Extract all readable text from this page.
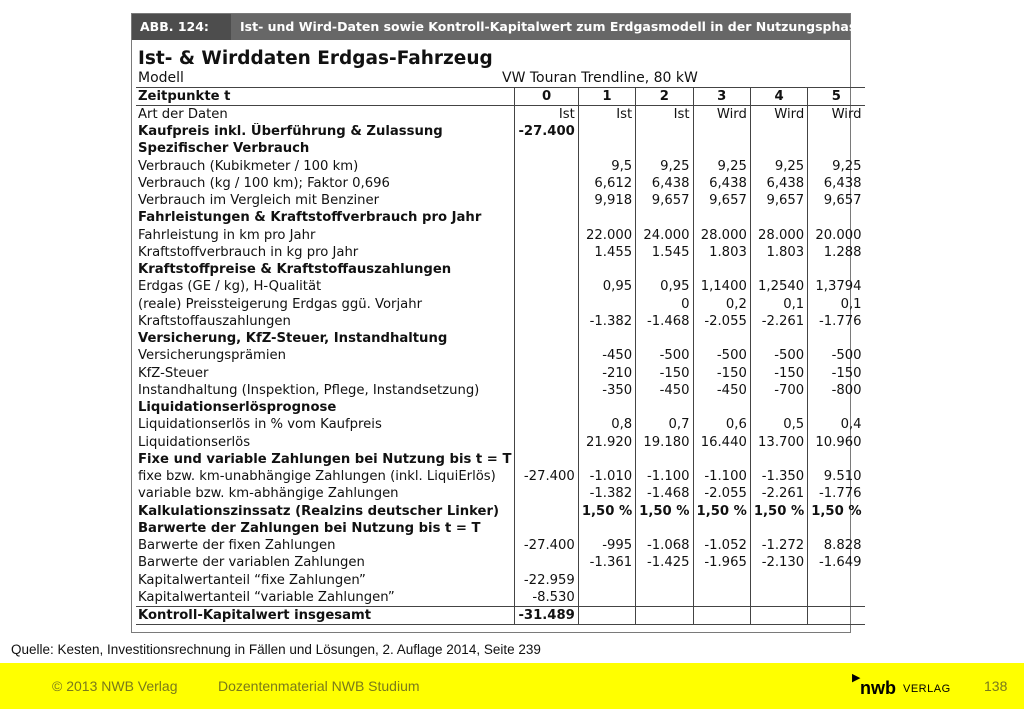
ABB. 124:	Ist- und Wird-Daten sowie Kontroll-Kapitalwert zum Erdgasmodell in der Nutzungsphase
Ist- & Wirddaten Erdgas-Fahrzeug
Modell	VW Touran Trendline, 80 kW
Zeitpunkte t	0	1	2	3	4	5
Art der Daten	Ist	Ist	Ist	Wird	Wird	Wird
Kaufpreis inkl. Überführung & Zulassung	-27.400					
Spezifischer Verbrauch						
Verbrauch (Kubikmeter / 100 km)		9,5	9,25	9,25	9,25	9,25
Verbrauch (kg / 100 km); Faktor 0,696		6,612	6,438	6,438	6,438	6,438
Verbrauch im Vergleich mit Benziner		9,918	9,657	9,657	9,657	9,657
Fahrleistungen & Kraftstoffverbrauch pro Jahr						
Fahrleistung in km pro Jahr		22.000	24.000	28.000	28.000	20.000
Kraftstoffverbrauch in kg pro Jahr		1.455	1.545	1.803	1.803	1.288
Kraftstoffpreise & Kraftstoffauszahlungen						
Erdgas (GE / kg), H-Qualität		0,95	0,95	1,1400	1,2540	1,3794
(reale) Preissteigerung Erdgas ggü. Vorjahr			0	0,2	0,1	0,1
Kraftstoffauszahlungen		-1.382	-1.468	-2.055	-2.261	-1.776
Versicherung, KfZ-Steuer, Instandhaltung						
Versicherungsprämien		-450	-500	-500	-500	-500
KfZ-Steuer		-210	-150	-150	-150	-150
Instandhaltung (Inspektion, Pflege, Instandsetzung)		-350	-450	-450	-700	-800
Liquidationserlösprognose						
Liquidationserlös in % vom Kaufpreis		0,8	0,7	0,6	0,5	0,4
Liquidationserlös		21.920	19.180	16.440	13.700	10.960
Fixe und variable Zahlungen bei Nutzung bis t = T						
fixe bzw. km-unabhängige Zahlungen (inkl. LiquiErlös)	-27.400	-1.010	-1.100	-1.100	-1.350	9.510
variable bzw. km-abhängige Zahlungen		-1.382	-1.468	-2.055	-2.261	-1.776
Kalkulationszinssatz (Realzins deutscher Linker)		1,50 %	1,50 %	1,50 %	1,50 %	1,50 %
Barwerte der Zahlungen bei Nutzung bis t = T						
Barwerte der fixen Zahlungen	-27.400	-995	-1.068	-1.052	-1.272	8.828
Barwerte der variablen Zahlungen		-1.361	-1.425	-1.965	-2.130	-1.649
Kapitalwertanteil “fixe Zahlungen”	-22.959					
Kapitalwertanteil “variable Zahlungen”	-8.530					
Kontroll-Kapitalwert insgesamt	-31.489					
Quelle: Kesten, Investitionsrechnung in Fällen und Lösungen, 2. Auflage 2014, Seite 239
© 2013 NWB Verlag	Dozentenmaterial NWB Studium
▶
nwb VERLAG 138
